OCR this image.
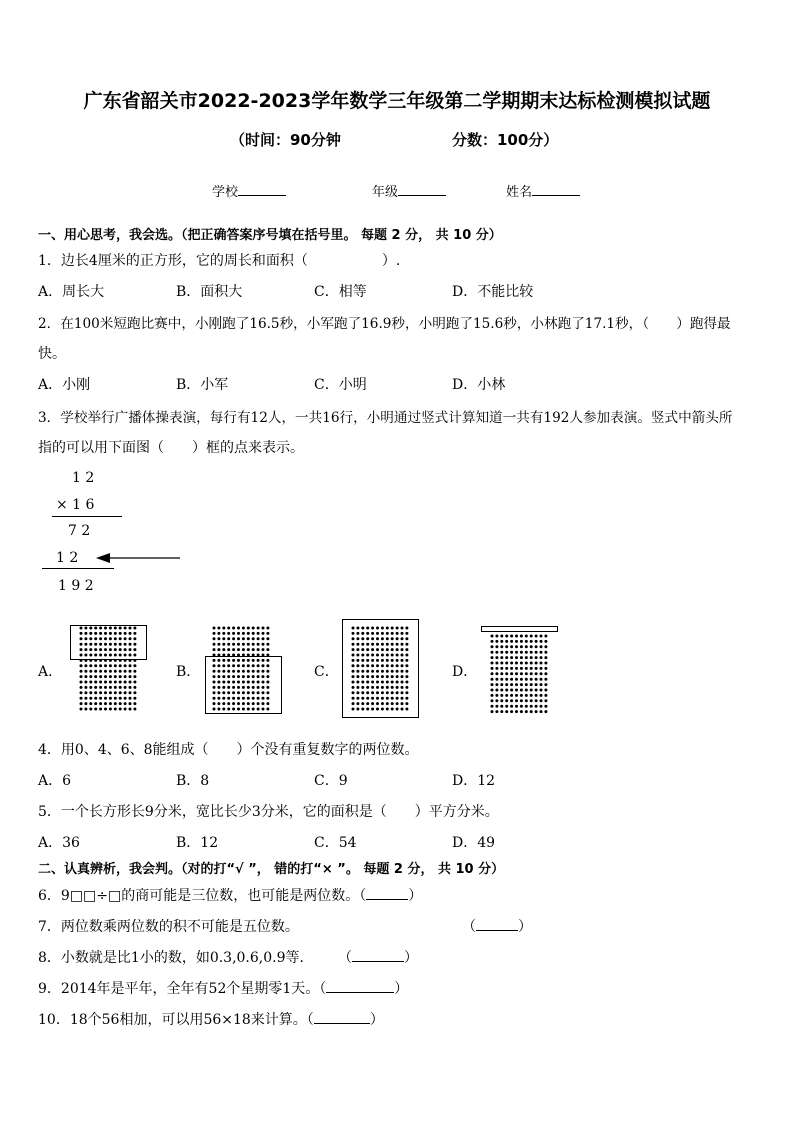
广东省韶关市2022-2023学年数学三年级第二学期期末达标检测模拟试题
（时间：90分钟	分数：100分）
学校	年级	姓名
一、用心思考，我会选。（把正确答案序号填在括号里。 每题 2 分， 共 10 分）
1．边长4厘米的正方形，它的周长和面积（	）.
A．周长大	B．面积大	C．相等	D．不能比较
2．在100米短跑比赛中，小刚跑了16.5秒，小军跑了16.9秒，小明跑了15.6秒，小林跑了17.1秒，（　　）跑得最
快。
A．小刚	B．小军	C．小明	D．小林
3．学校举行广播体操表演，每行有12人，一共16行，小明通过竖式计算知道一共有192人参加表演。竖式中箭头所
指的可以用下面图（　　）框的点来表示。
1 2
× 1 6
7 2
1 2
1 9 2
A．	B．	C．	D．
4．用0、4、6、8能组成（　　）个没有重复数字的两位数。
A．6	B．8	C．9	D．12
5．一个长方形长9分米，宽比长少3分米，它的面积是（　　）平方分米。
A．36	B．12	C．54	D．49
二、认真辨析，我会判。（对的打“√ ”， 错的打“× ”。 每题 2 分， 共 10 分）
6．9□□÷□的商可能是三位数，也可能是两位数。（	）
7．两位数乘两位数的积不可能是五位数。	（	）
8．小数就是比1小的数，如0.3,0.6,0.9等． （	）
9．2014年是平年，全年有52个星期零1天。（	）
10．18个56相加，可以用56×18来计算。（	）
